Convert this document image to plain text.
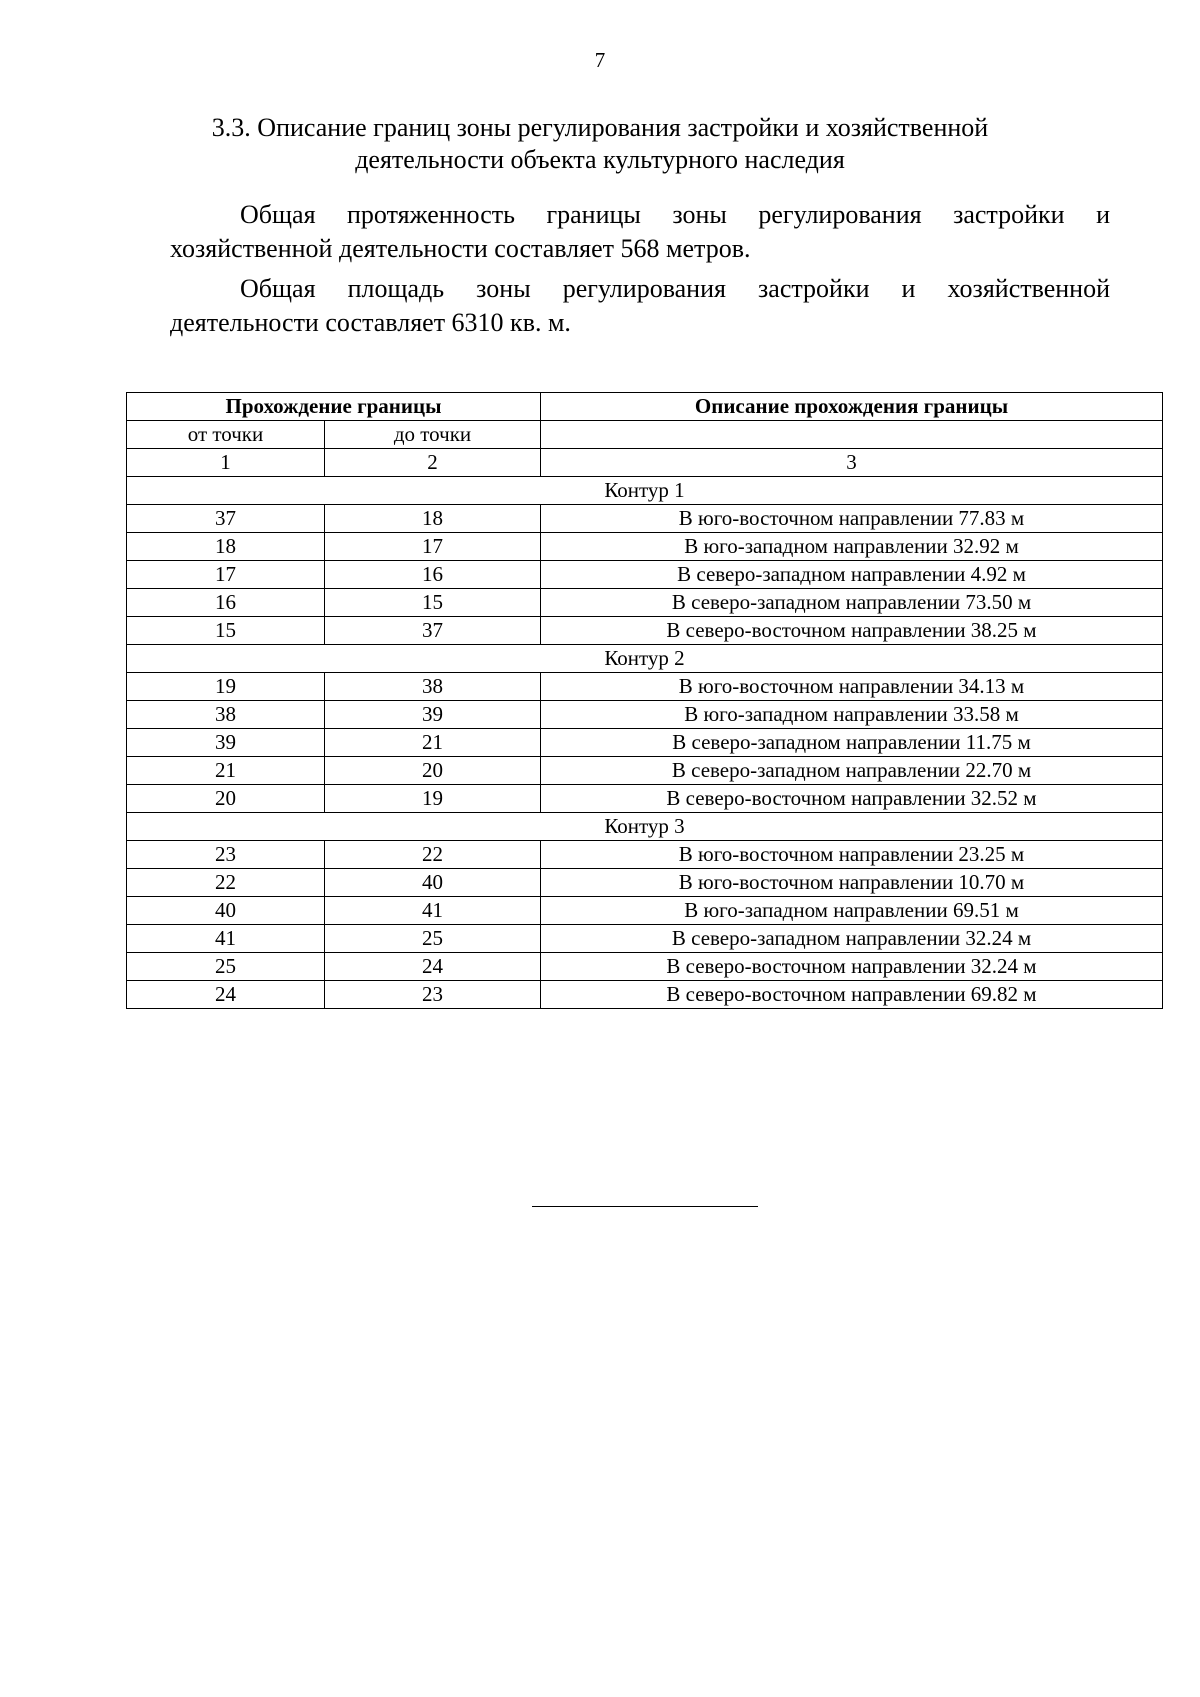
7
3.3. Описание границ зоны регулирования застройки и хозяйственной
деятельности объекта культурного наследия
Общая протяженность границы зоны регулирования застройки и хозяйственной деятельности составляет 568 метров.
Общая площадь зоны регулирования застройки и хозяйственной деятельности составляет 6310 кв. м.
Прохождение границы		Описание прохождения границы
от точки	до точки	
1	2	3
Контур 1		
37	18	В юго-восточном направлении 77.83 м
18	17	В юго-западном направлении 32.92 м
17	16	В северо-западном направлении 4.92 м
16	15	В северо-западном направлении 73.50 м
15	37	В северо-восточном направлении 38.25 м
Контур 2		
19	38	В юго-восточном направлении 34.13 м
38	39	В юго-западном направлении 33.58 м
39	21	В северо-западном направлении 11.75 м
21	20	В северо-западном направлении 22.70 м
20	19	В северо-восточном направлении 32.52 м
Контур 3		
23	22	В юго-восточном направлении 23.25 м
22	40	В юго-восточном направлении 10.70 м
40	41	В юго-западном направлении 69.51 м
41	25	В северо-западном направлении 32.24 м
25	24	В северо-восточном направлении 32.24 м
24	23	В северо-восточном направлении 69.82 м
